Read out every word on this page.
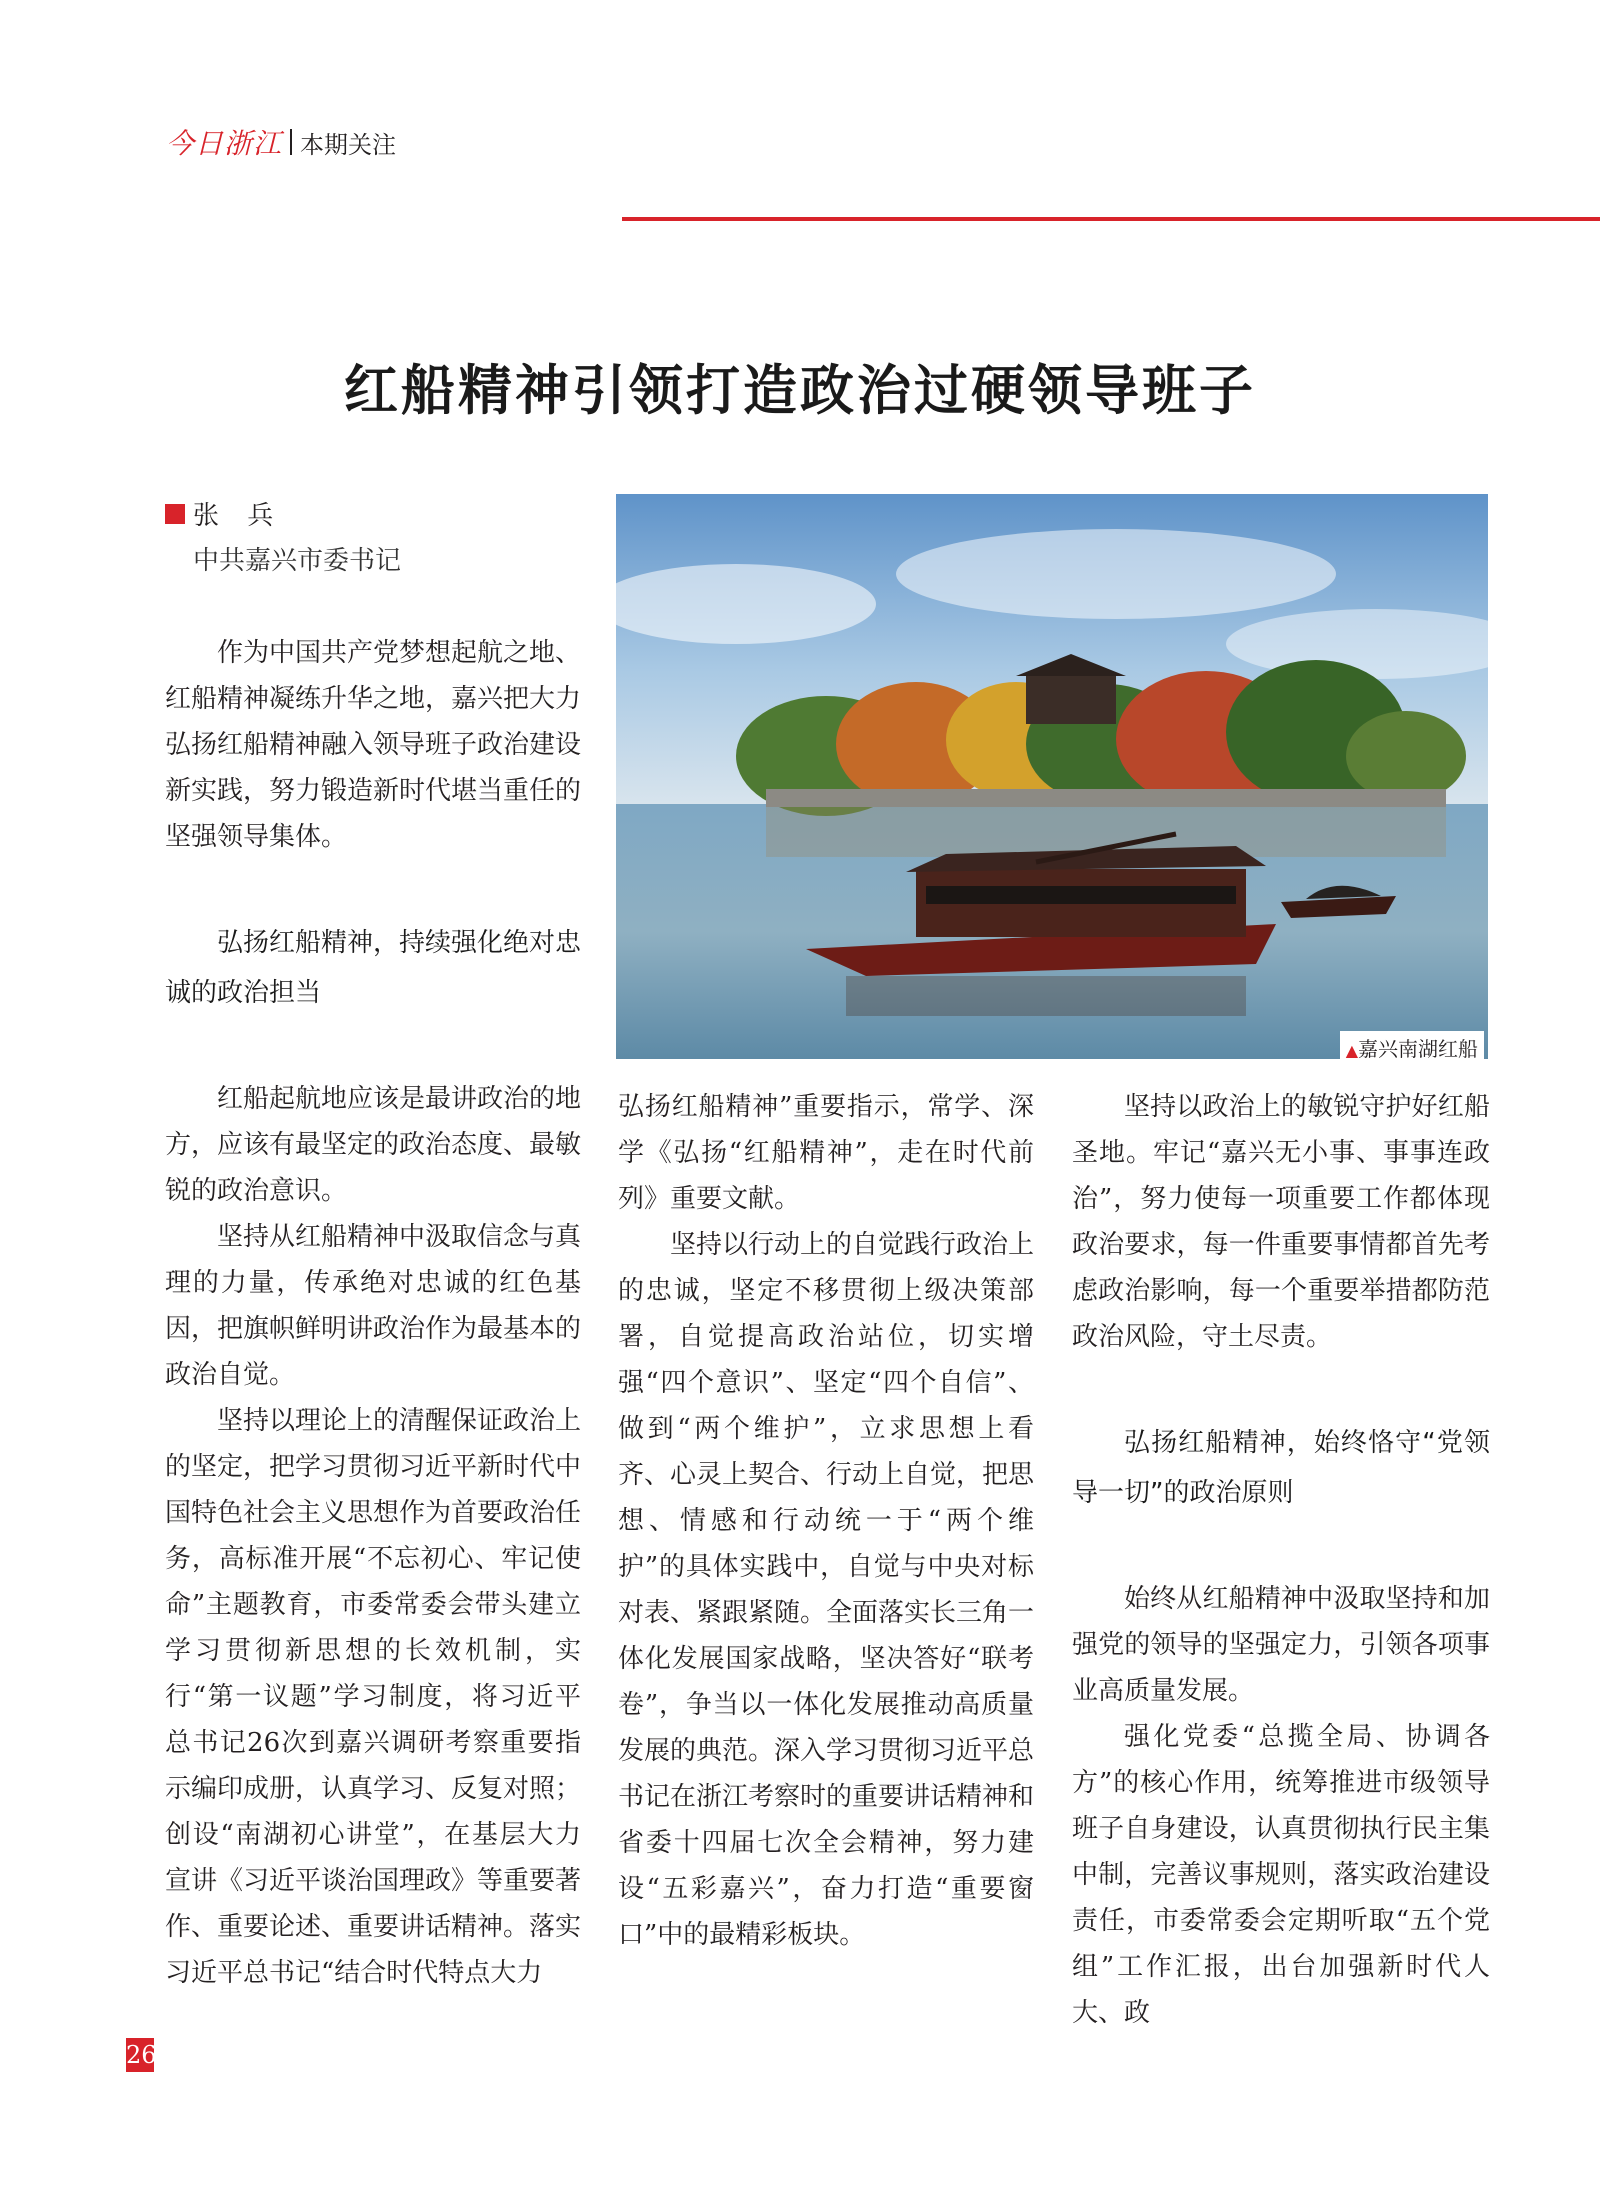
今日浙江 本期关注
红船精神引领打造政治过硬领导班子
张 兵
中共嘉兴市委书记

作为中国共产党梦想起航之地、红船精神凝练升华之地，嘉兴把大力弘扬红船精神融入领导班子政治建设新实践，努力锻造新时代堪当重任的坚强领导集体。

弘扬红船精神，持续强化绝对忠诚的政治担当

红船起航地应该是最讲政治的地方，应该有最坚定的政治态度、最敏锐的政治意识。

坚持从红船精神中汲取信念与真理的力量，传承绝对忠诚的红色基因，把旗帜鲜明讲政治作为最基本的政治自觉。

坚持以理论上的清醒保证政治上的坚定，把学习贯彻习近平新时代中国特色社会主义思想作为首要政治任务，高标准开展“不忘初心、牢记使命”主题教育，市委常委会带头建立学习贯彻新思想的长效机制，实行“第一议题”学习制度，将习近平总书记26次到嘉兴调研考察重要指示编印成册，认真学习、反复对照；创设“南湖初心讲堂”，在基层大力宣讲《习近平谈治国理政》等重要著作、重要论述、重要讲话精神。落实习近平总书记“结合时代特点大力

▲嘉兴南湖红船

弘扬红船精神”重要指示，常学、深学《弘扬“红船精神”，走在时代前列》重要文献。

坚持以行动上的自觉践行政治上的忠诚，坚定不移贯彻上级决策部署，自觉提高政治站位，切实增强“四个意识”、坚定“四个自信”、做到“两个维护”，立求思想上看齐、心灵上契合、行动上自觉，把思想、情感和行动统一于“两个维护”的具体实践中，自觉与中央对标对表、紧跟紧随。全面落实长三角一体化发展国家战略，坚决答好“联考卷”，争当以一体化发展推动高质量发展的典范。深入学习贯彻习近平总书记在浙江考察时的重要讲话精神和省委十四届七次全会精神，努力建设“五彩嘉兴”，奋力打造“重要窗口”中的最精彩板块。

坚持以政治上的敏锐守护好红船圣地。牢记“嘉兴无小事、事事连政治”，努力使每一项重要工作都体现政治要求，每一件重要事情都首先考虑政治影响，每一个重要举措都防范政治风险，守土尽责。

弘扬红船精神，始终恪守“党领导一切”的政治原则

始终从红船精神中汲取坚持和加强党的领导的坚强定力，引领各项事业高质量发展。

强化党委“总揽全局、协调各方”的核心作用，统筹推进市级领导班子自身建设，认真贯彻执行民主集中制，完善议事规则，落实政治建设责任，市委常委会定期听取“五个党组”工作汇报，出台加强新时代人大、政

26
